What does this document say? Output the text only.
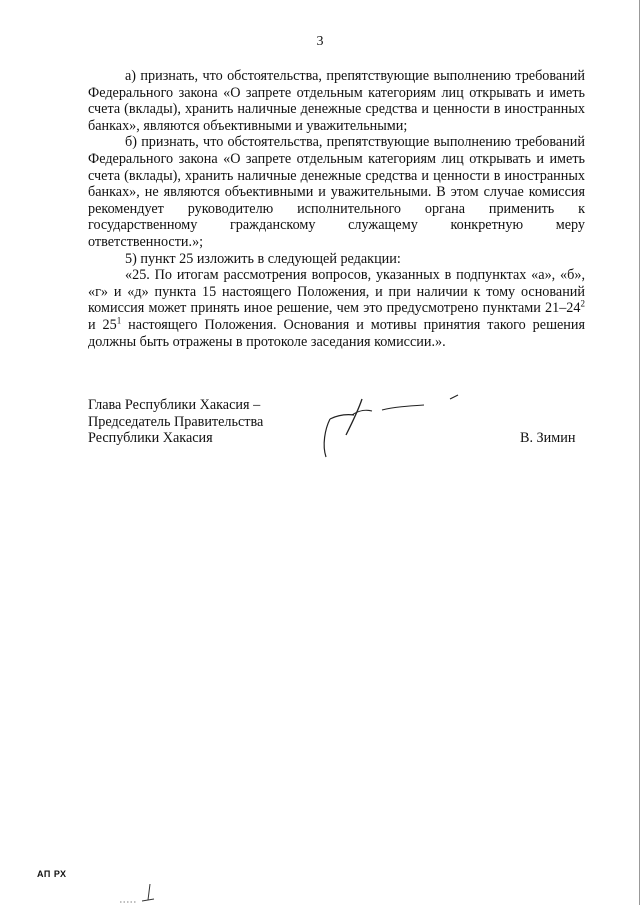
3

а) признать, что обстоятельства, препятствующие выполнению требований Федерального закона «О запрете отдельным категориям лиц открывать и иметь счета (вклады), хранить наличные денежные средства и ценности в иностранных банках», являются объективными и уважительными;

б) признать, что обстоятельства, препятствующие выполнению требований Федерального закона «О запрете отдельным категориям лиц открывать и иметь счета (вклады), хранить наличные денежные средства и ценности в иностранных банках», не являются объективными и уважительными. В этом случае комиссия рекомендует руководителю исполнительного органа применить к государственному гражданскому служащему конкретную меру ответственности.»;

5) пункт 25 изложить в следующей редакции:

«25. По итогам рассмотрения вопросов, указанных в подпунктах «а», «б», «г» и «д» пункта 15 настоящего Положения, и при наличии к тому оснований комиссия может принять иное решение, чем это предусмотрено пунктами $21-24^2$ и $25^1$ настоящего Положения. Основания и мотивы принятия такого решения должны быть отражены в протоколе заседания комиссии.».

Глава Республики Хакасия –
Председатель Правительства
Республики Хакасия	В. Зимин
АП РХ
